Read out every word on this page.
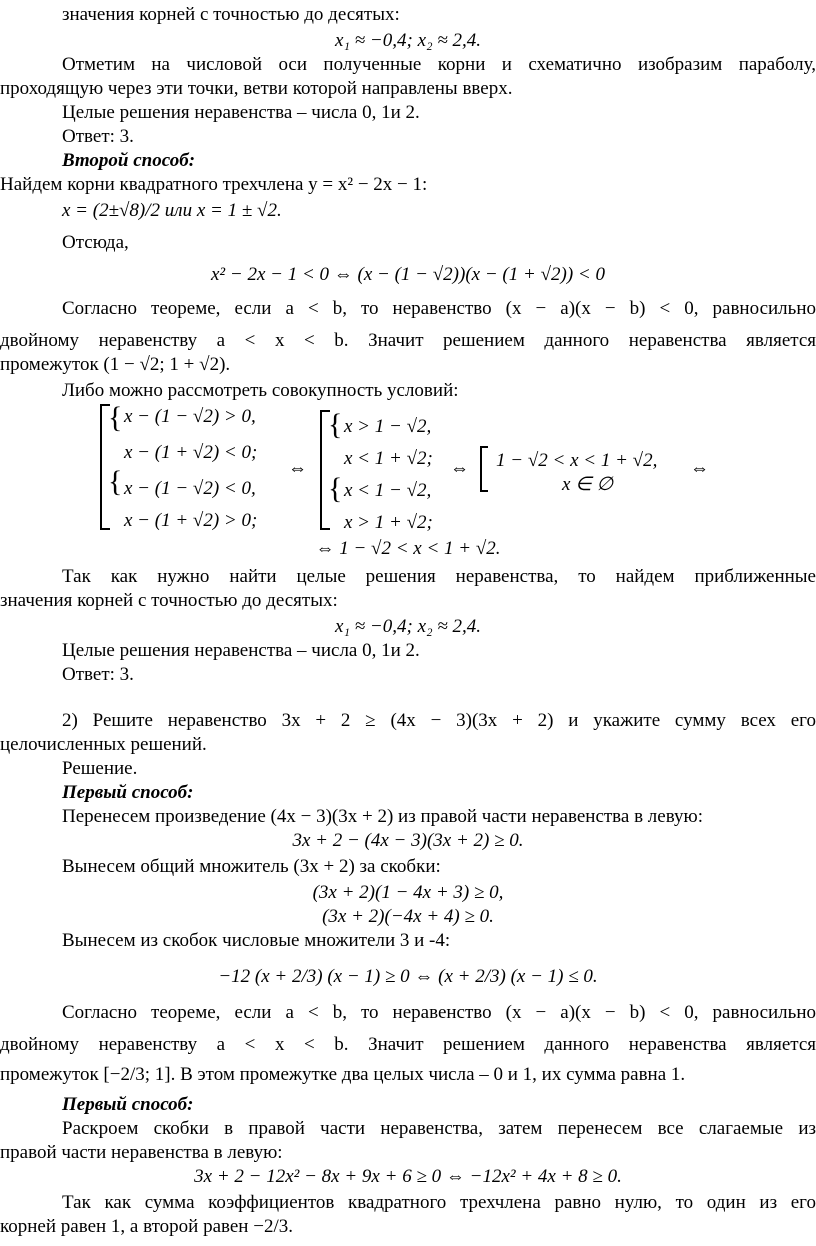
значения корней с точностью до десятых:
x₁ ≈ −0,4; x₂ ≈ 2,4.
Отметим на числовой оси полученные корни и схематично изобразим параболу,
проходящую через эти точки, ветви которой направлены вверх.
Целые решения неравенства – числа 0, 1и 2.
Ответ: 3.
Второй способ:
Найдем корни квадратного трехчлена y = x² − 2x − 1:
x = (2±√8)/2 или x = 1 ± √2.
Отсюда,
x² − 2x − 1 < 0 ⇔ (x − (1 − √2))(x − (1 + √2)) < 0
Согласно теореме, если a < b, то неравенство (x − a)(x − b) < 0, равносильно
двойному неравенству a < x < b. Значит решением данного неравенства является
промежуток (1 − √2; 1 + √2).
Либо можно рассмотреть совокупность условий:
{
{
x − (1 − √2) > 0,
x − (1 + √2) < 0;
x − (1 − √2) < 0,
x − (1 + √2) > 0;
⇔
{
{
x > 1 − √2,
x < 1 + √2;
x < 1 − √2,
x > 1 + √2;
⇔ 1 − √2 < x < 1 + √2,
x ∈ ∅
⇔
⇔ 1 − √2 < x < 1 + √2.
Так как нужно найти целые решения неравенства, то найдем приближенные
значения корней с точностью до десятых:
x₁ ≈ −0,4; x₂ ≈ 2,4.
Целые решения неравенства – числа 0, 1и 2.
Ответ: 3.
2) Решите неравенство 3x + 2 ≥ (4x − 3)(3x + 2) и укажите сумму всех его
целочисленных решений.
Решение.
Первый способ:
Перенесем произведение (4x − 3)(3x + 2) из правой части неравенства в левую:
3x + 2 − (4x − 3)(3x + 2) ≥ 0.
Вынесем общий множитель (3x + 2) за скобки:
(3x + 2)(1 − 4x + 3) ≥ 0,
(3x + 2)(−4x + 4) ≥ 0.
Вынесем из скобок числовые множители 3 и -4:
−12 (x + 2/3) (x − 1) ≥ 0 ⇔ (x + 2/3) (x − 1) ≤ 0.
Согласно теореме, если a < b, то неравенство (x − a)(x − b) < 0, равносильно
двойному неравенству a < x < b. Значит решением данного неравенства является
промежуток [−2/3; 1]. В этом промежутке два целых числа – 0 и 1, их сумма равна 1.
Первый способ:
Раскроем скобки в правой части неравенства, затем перенесем все слагаемые из
правой части неравенства в левую:
3x + 2 − 12x² − 8x + 9x + 6 ≥ 0 ⇔ −12x² + 4x + 8 ≥ 0.
Так как сумма коэффициентов квадратного трехчлена равно нулю, то один из его
корней равен 1, а второй равен −2/3.
